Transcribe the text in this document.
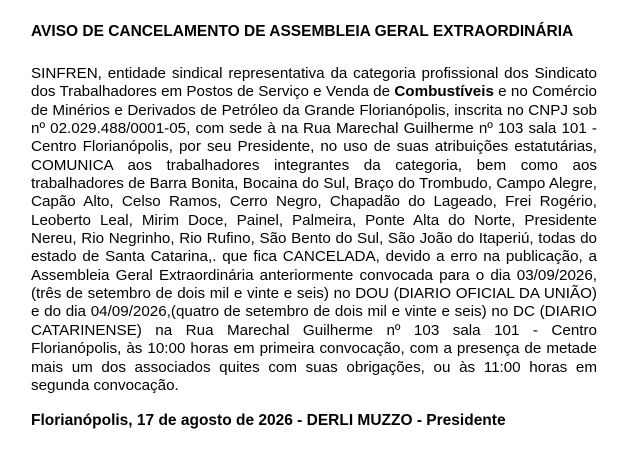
AVISO DE CANCELAMENTO DE ASSEMBLEIA GERAL EXTRAORDINÁRIA

SINFREN, entidade sindical representativa da categoria profissional dos Sindicato dos Trabalhadores em Postos de Serviço e Venda de Combustíveis e no Comércio de Minérios e Derivados de Petróleo da Grande Florianópolis, inscrita no CNPJ sob nº 02.029.488/0001-05, com sede à na Rua Marechal Guilherme nº 103 sala 101 - Centro Florianópolis, por seu Presidente, no uso de suas atribuições estatutárias, COMUNICA aos trabalhadores integrantes da categoria, bem como aos trabalhadores de Barra Bonita, Bocaina do Sul, Braço do Trombudo, Campo Alegre, Capão Alto, Celso Ramos, Cerro Negro, Chapadão do Lageado, Frei Rogério, Leoberto Leal, Mirim Doce, Painel, Palmeira, Ponte Alta do Norte, Presidente Nereu, Rio Negrinho, Rio Rufino, São Bento do Sul, São João do Itaperiú, todas do estado de Santa Catarina,. que fica CANCELADA, devido a erro na publicação, a Assembleia Geral Extraordinária anteriormente convocada para o dia 03/09/2026, (três de setembro de dois mil e vinte e seis) no DOU (DIARIO OFICIAL DA UNIÃO) e do dia 04/09/2026,(quatro de setembro de dois mil e vinte e seis) no DC (DIARIO CATARINENSE) na Rua Marechal Guilherme nº 103 sala 101 - Centro Florianópolis, às 10:00 horas em primeira convocação, com a presença de metade mais um dos associados quites com suas obrigações, ou às 11:00 horas em segunda convocação.

Florianópolis, 17 de agosto de 2026 - DERLI MUZZO - Presidente
